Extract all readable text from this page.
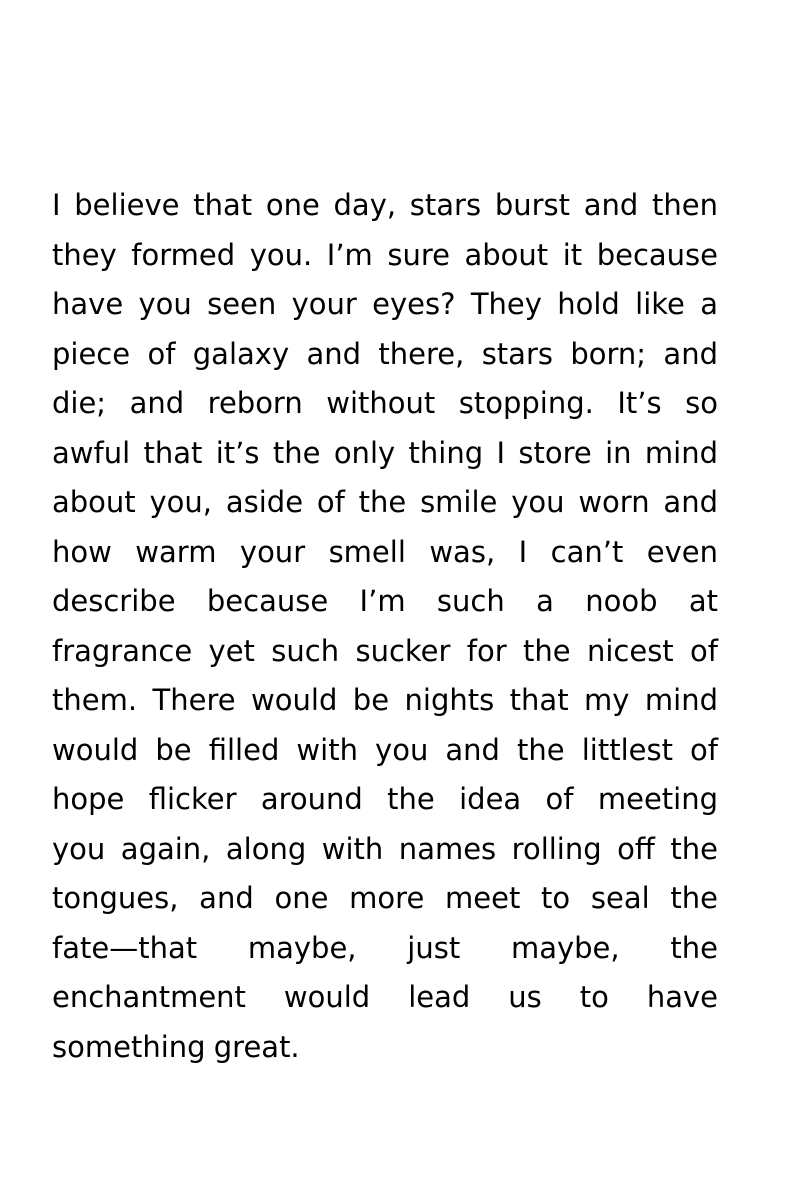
I believe that one day, stars burst and then
they formed you. I’m sure about it because
have you seen your eyes? They hold like a
piece of galaxy and there, stars born; and
die; and reborn without stopping. It’s so
awful that it’s the only thing I store in mind
about you, aside of the smile you worn and
how warm your smell was, I can’t even
describe because I’m such a noob at
fragrance yet such sucker for the nicest of
them. There would be nights that my mind
would be filled with you and the littlest of
hope flicker around the idea of meeting
you again, along with names rolling off the
tongues, and one more meet to seal the
fate—that maybe, just maybe, the
enchantment would lead us to have
something great.
